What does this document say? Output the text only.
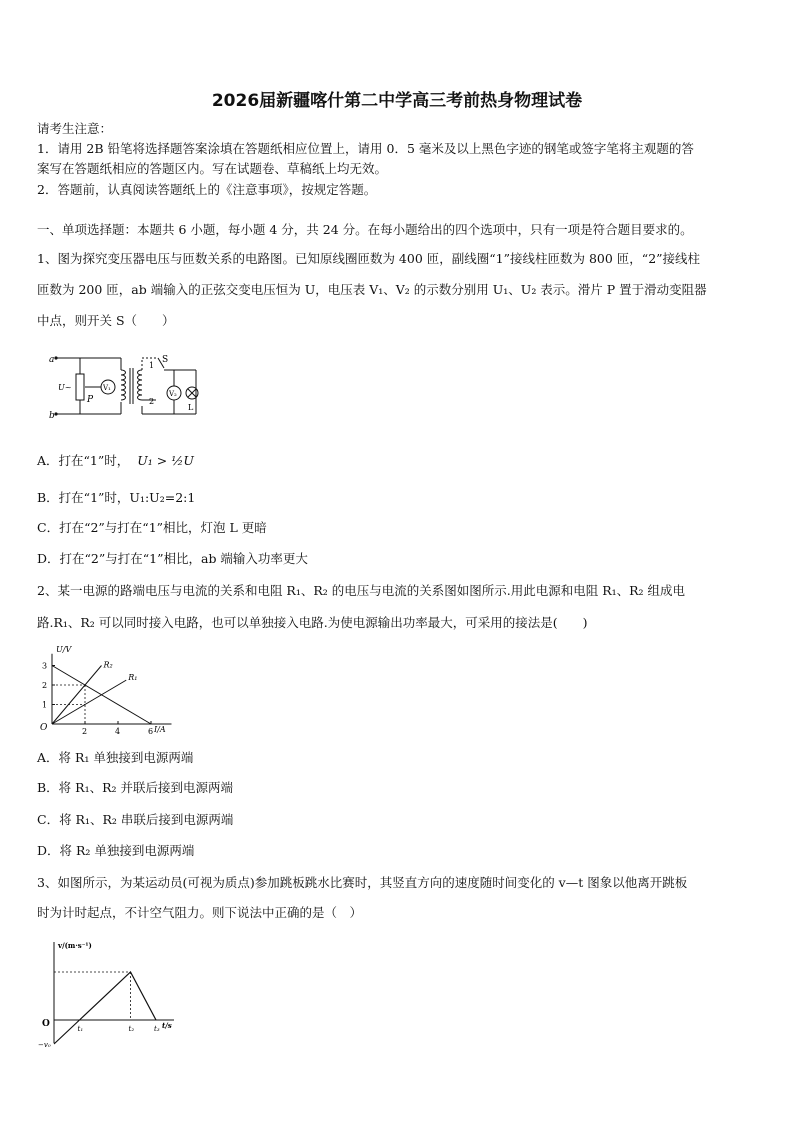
2026届新疆喀什第二中学高三考前热身物理试卷
请考生注意：
1．请用 2B 铅笔将选择题答案涂填在答题纸相应位置上，请用 0．5 毫米及以上黑色字迹的钢笔或签字笔将主观题的答
案写在答题纸相应的答题区内。写在试题卷、草稿纸上均无效。
2．答题前，认真阅读答题纸上的《注意事项》，按规定答题。
一、单项选择题：本题共 6 小题，每小题 4 分，共 24 分。在每小题给出的四个选项中，只有一项是符合题目要求的。
1、图为探究变压器电压与匝数关系的电路图。已知原线圈匝数为 400 匝，副线圈“1”接线柱匝数为 800 匝，“2”接线柱
匝数为 200 匝，ab 端输入的正弦交变电压恒为 U，电压表 V₁、V₂ 的示数分别用 U₁、U₂ 表示。滑片 P 置于滑动变阻器
中点，则开关 S（　　）
a
b
U~
P
V₁
V₂
S
L
1
2
A．打在“1”时， U₁ > ½U
B．打在“1”时，U₁:U₂=2:1
C．打在“2”与打在“1”相比，灯泡 L 更暗
D．打在“2”与打在“1”相比，ab 端输入功率更大
2、某一电源的路端电压与电流的关系和电阻 R₁、R₂ 的电压与电流的关系图如图所示.用此电源和电阻 R₁、R₂ 组成电
路.R₁、R₂ 可以同时接入电路，也可以单独接入电路.为使电源输出功率最大，可采用的接法是(　　)
2	4	6
1
2
3
R₁
R₂
U/V
I/A
O
A．将 R₁ 单独接到电源两端
B．将 R₁、R₂ 并联后接到电源两端
C．将 R₁、R₂ 串联后接到电源两端
D．将 R₂ 单独接到电源两端
3、如图所示，为某运动员(可视为质点)参加跳板跳水比赛时，其竖直方向的速度随时间变化的 v—t 图象以他离开跳板
时为计时起点，不计空气阻力。则下说法中正确的是（　）
t₁	t₂	t₃
−v₀
v/(m·s⁻¹)
t/s
O
